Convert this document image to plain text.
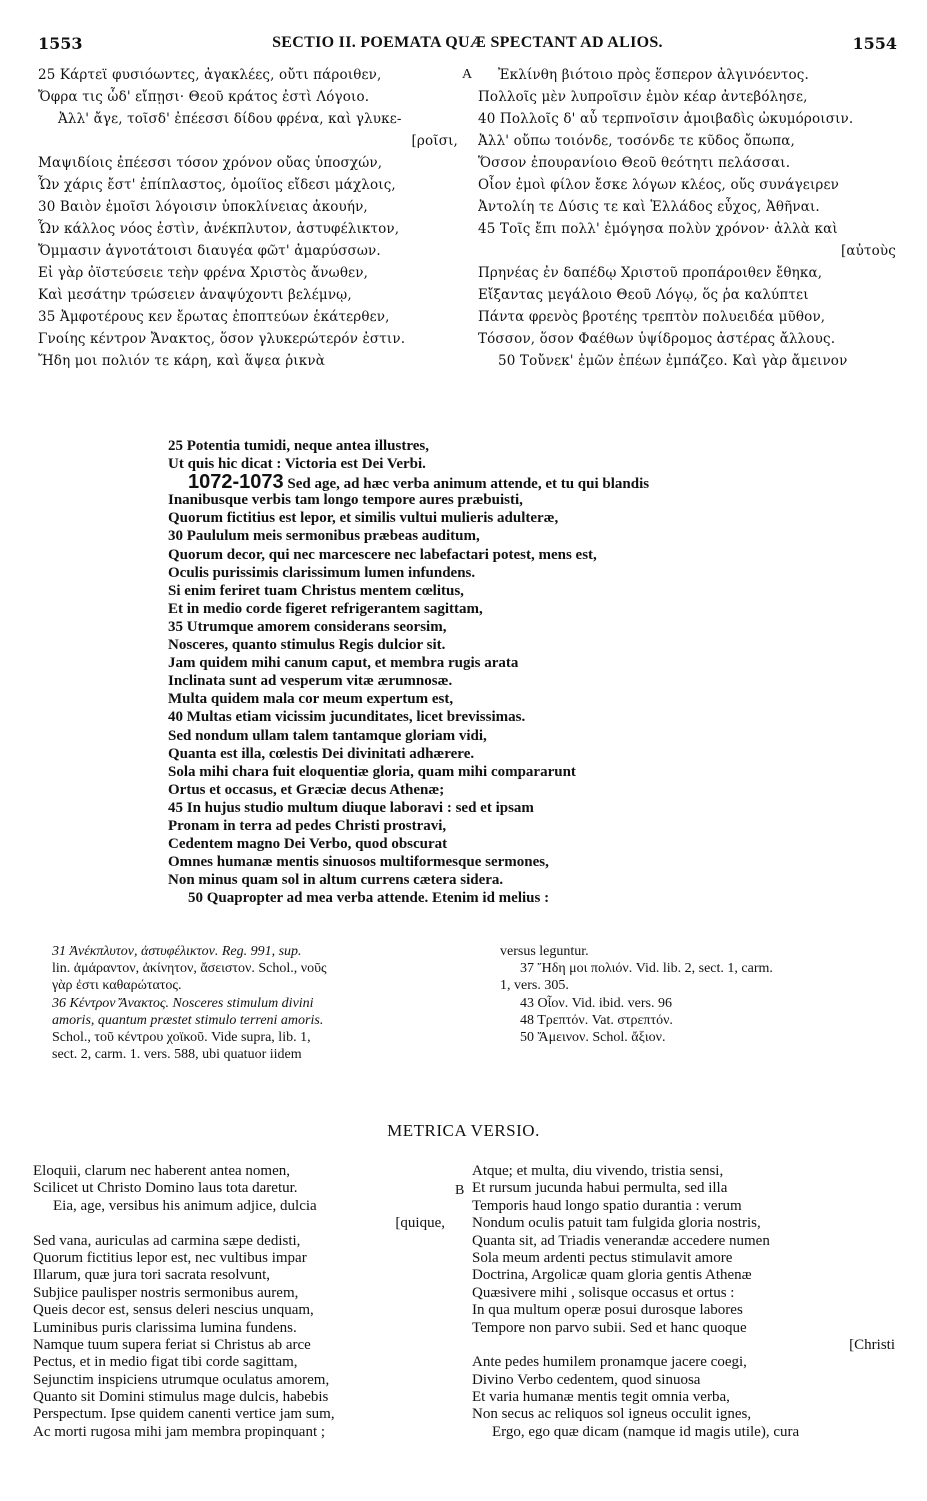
1553	SECTIO II. POEMATA QUÆ SPECTANT AD ALIOS.	1554
25 Κάρτεϊ φυσιόωντες, ἀγακλέες, οὔτι πάροιθεν,
Ὄφρα τις ὧδ' εἴπῃσι· Θεοῦ κράτος ἐστὶ Λόγοιο.
Ἀλλ' ἄγε, τοῖσδ' ἐπέεσσι δίδου φρένα, καὶ γλυκε-
[ροῖσι,
Μαψιδίοις ἐπέεσσι τόσον χρόνον οὔας ὑποσχών,
Ὧν χάρις ἔστ' ἐπίπλαστος, ὁμοίϊος εἴδεσι μάχλοις,
30 Βαιὸν ἐμοῖσι λόγοισιν ὑποκλίνειας ἀκουήν,
Ὧν κάλλος νόος ἐστὶν, ἀνέκπλυτον, ἀστυφέλικτον,
Ὄμμασιν ἁγνοτάτοισι διαυγέα φῶτ' ἀμαρύσσων.
Εἰ γὰρ ὀϊστεύσειε τεὴν φρένα Χριστὸς ἄνωθεν,
Καὶ μεσάτην τρώσειεν ἀναψύχοντι βελέμνῳ,
35 Ἀμφοτέρους κεν ἔρωτας ἐποπτεύων ἑκάτερθεν,
Γνοίης κέντρον Ἄνακτος, ὅσον γλυκερώτερόν ἐστιν.
Ἤδη μοι πολιόν τε κάρη, καὶ ἅψεα ῥικνὰ
A	Ἐκλίνθη βιότοιο πρὸς ἕσπερον ἀλγινόεντος.
Πολλοῖς μὲν λυπροῖσιν ἐμὸν κέαρ ἀντεβόλησε,
40 Πολλοῖς δ' αὖ τερπνοῖσιν ἀμοιβαδὶς ὠκυμόροισιν.
Ἀλλ' οὔπω τοιόνδε, τοσόνδε τε κῦδος ὄπωπα,
Ὅσσον ἐπουρανίοιο Θεοῦ θεότητι πελάσσαι.
Οἶον ἐμοὶ φίλον ἔσκε λόγων κλέος, οὕς συνάγειρεν
Ἀντολίη τε Δύσις τε καὶ Ἑλλάδος εὖχος, Ἀθῆναι.
45 Τοῖς ἔπι πολλ' ἐμόγησα πολὺν χρόνον· ἀλλὰ καὶ
[αὐτοὺς
Πρηνέας ἐν δαπέδῳ Χριστοῦ προπάροιθεν ἔθηκα,
Εἴξαντας μεγάλοιο Θεοῦ Λόγῳ, ὅς ῥα καλύπτει
Πάντα φρενὸς βροτέης τρεπτὸν πολυειδέα μῦθον,
Τόσσον, ὅσον Φαέθων ὑψίδρομος ἀστέρας ἄλλους.
50 Τοὔνεκ' ἐμῶν ἐπέων ἐμπάζεο. Καὶ γὰρ ἄμεινον
25 Potentia tumidi, neque antea illustres,
Ut quis hic dicat : Victoria est Dei Verbi.
1072-1073 Sed age, ad hæc verba animum attende, et tu qui blandis
Inanibusque verbis tam longo tempore aures præbuisti,
Quorum fictitius est lepor, et similis vultui mulieris adulteræ,
30 Paululum meis sermonibus præbeas auditum,
Quorum decor, qui nec marcescere nec labefactari potest, mens est,
Oculis purissimis clarissimum lumen infundens.
Si enim feriret tuam Christus mentem cœlitus,
Et in medio corde figeret refrigerantem sagittam,
35 Utrumque amorem considerans seorsim,
Nosceres, quanto stimulus Regis dulcior sit.
Jam quidem mihi canum caput, et membra rugis arata
Inclinata sunt ad vesperum vitæ ærumnosæ.
Multa quidem mala cor meum expertum est,
40 Multas etiam vicissim jucunditates, licet brevissimas.
Sed nondum ullam talem tantamque gloriam vidi,
Quanta est illa, cœlestis Dei divinitati adhærere.
Sola mihi chara fuit eloquentiæ gloria, quam mihi compararunt
Ortus et occasus, et Græciæ decus Athenæ;
45 In hujus studio multum diuque laboravi : sed et ipsam
Pronam in terra ad pedes Christi prostravi,
Cedentem magno Dei Verbo, quod obscurat
Omnes humanæ mentis sinuosos multiformesque sermones,
Non minus quam sol in altum currens cætera sidera.
50 Quapropter ad mea verba attende. Etenim id melius :
31 Ἀνέκπλυτον, ἀστυφέλικτον. Reg. 991, sup.
lin. ἀμάραντον, ἀκίνητον, ἄσειστον. Schol., νοῦς
γὰρ ἐστι καθαρώτατος.
36 Κέντρον Ἄνακτος. Nosceres stimulum divini
amoris, quantum præstet stimulo terreni amoris.
Schol., τοῦ κέντρου χοϊκοῦ. Vide supra, lib. 1,
sect. 2, carm. 1. vers. 588, ubi quatuor iidem
versus leguntur.
37 Ἤδη μοι πολιόν. Vid. lib. 2, sect. 1, carm.
1, vers. 305.
43 Οἶον. Vid. ibid. vers. 96
48 Τρεπτόν. Vat. στρεπτόν.
50 Ἄμεινον. Schol. ἄξιον.
METRICA VERSIO.
Eloquii, clarum nec haberent antea nomen,
Scilicet ut Christo Domino laus tota daretur.
Eia, age, versibus his animum adjice, dulcia
[quique,
Sed vana, auriculas ad carmina sæpe dedisti,
Quorum fictitius lepor est, nec vultibus impar
Illarum, quæ jura tori sacrata resolvunt,
Subjice paulisper nostris sermonibus aurem,
Queis decor est, sensus deleri nescius unquam,
Luminibus puris clarissima lumina fundens.
Namque tuum supera feriat si Christus ab arce
Pectus, et in medio figat tibi corde sagittam,
Sejunctim inspiciens utrumque oculatus amorem,
Quanto sit Domini stimulus mage dulcis, habebis
Perspectum. Ipse quidem canenti vertice jam sum,
Ac morti rugosa mihi jam membra propinquant ;
B
Atque; et multa, diu vivendo, tristia sensi,
Et rursum jucunda habui permulta, sed illa
Temporis haud longo spatio durantia : verum
Nondum oculis patuit tam fulgida gloria nostris,
Quanta sit, ad Triadis venerandæ accedere numen
Sola meum ardenti pectus stimulavit amore
Doctrina, Argolicæ quam gloria gentis Athenæ
Quæsivere mihi , solisque occasus et ortus :
In qua multum operæ posui durosque labores
Tempore non parvo subii. Sed et hanc quoque
[Christi
Ante pedes humilem pronamque jacere coegi,
Divino Verbo cedentem, quod sinuosa
Et varia humanæ mentis tegit omnia verba,
Non secus ac reliquos sol igneus occulit ignes,
Ergo, ego quæ dicam (namque id magis utile), cura
